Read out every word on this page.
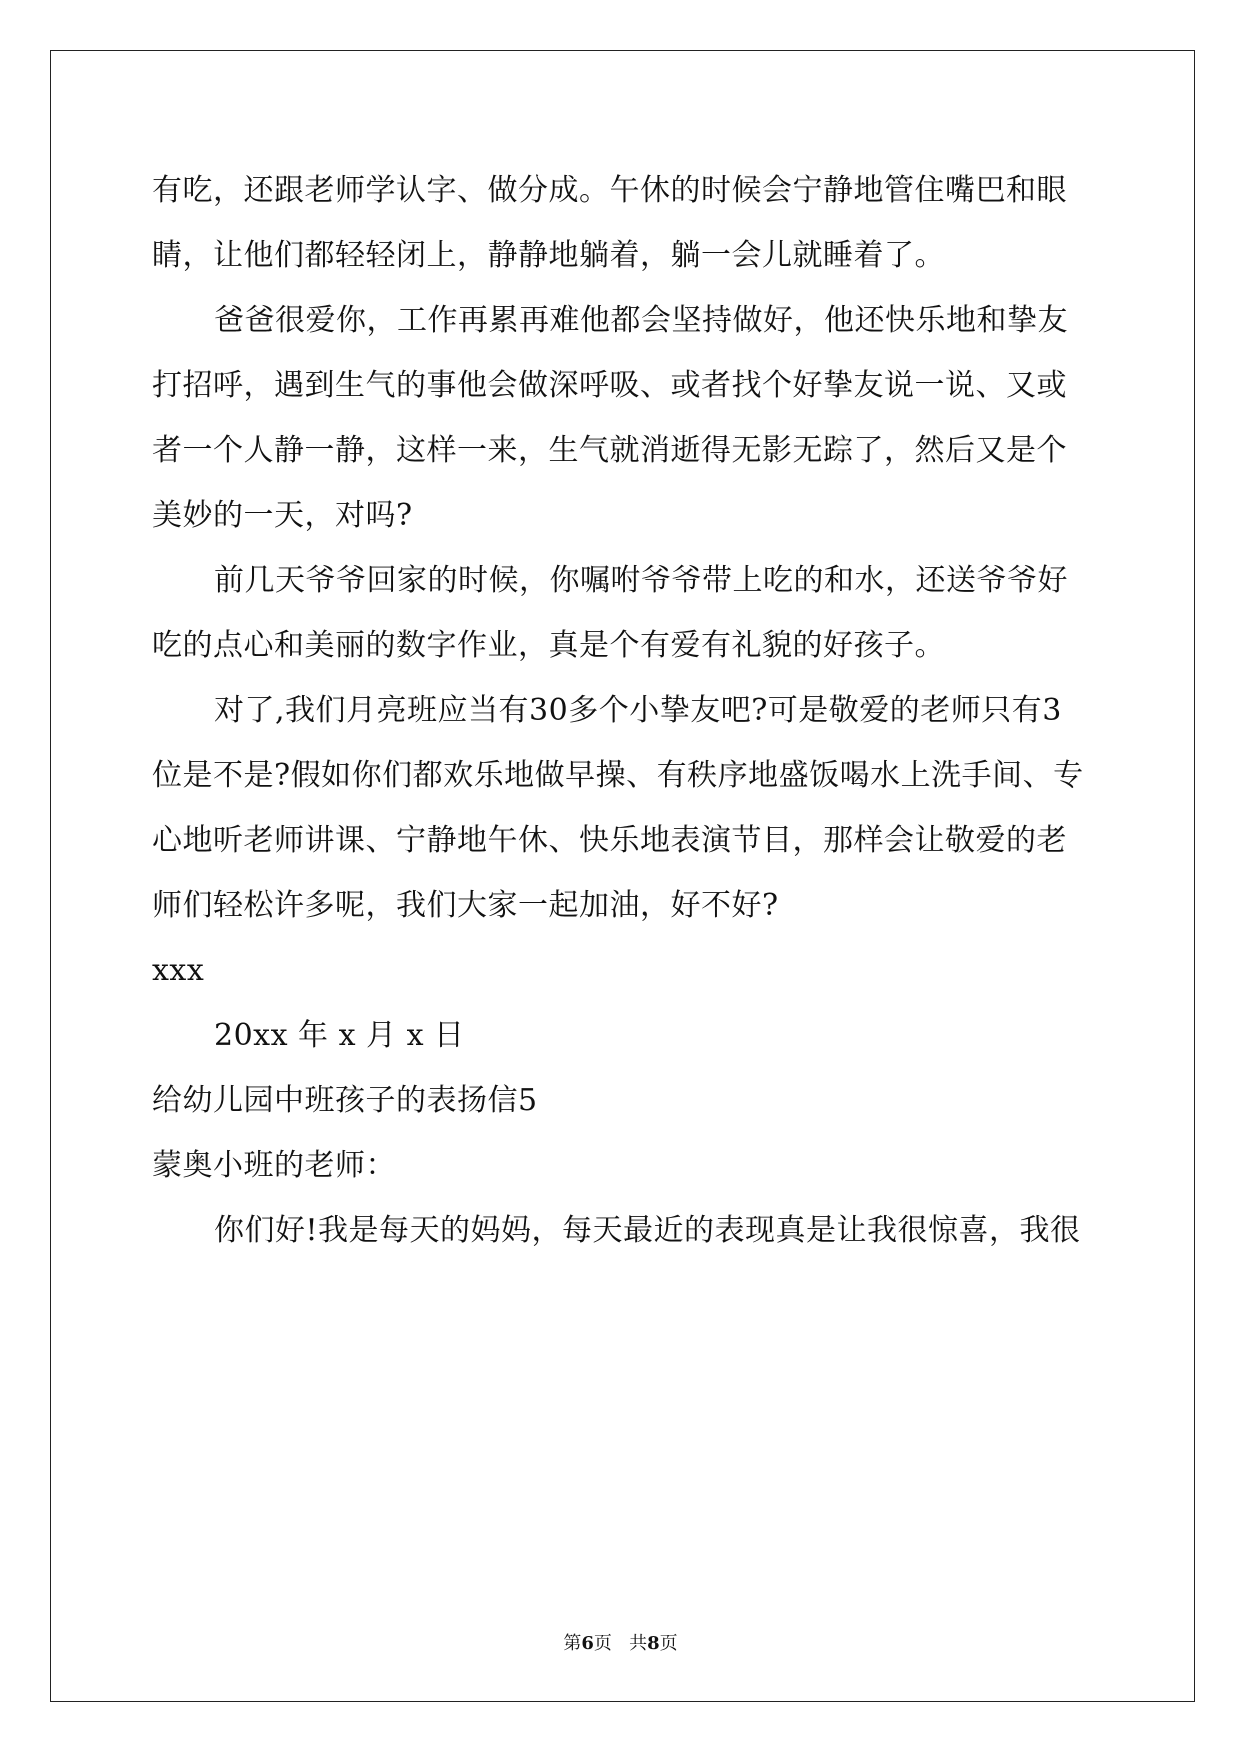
有吃，还跟老师学认字、做分成。午休的时候会宁静地管住嘴巴和眼
睛，让他们都轻轻闭上，静静地躺着，躺一会儿就睡着了。
爸爸很爱你，工作再累再难他都会坚持做好，他还快乐地和挚友
打招呼，遇到生气的事他会做深呼吸、或者找个好挚友说一说、又或
者一个人静一静，这样一来，生气就消逝得无影无踪了，然后又是个
美妙的一天，对吗?
前几天爷爷回家的时候，你嘱咐爷爷带上吃的和水，还送爷爷好
吃的点心和美丽的数字作业，真是个有爱有礼貌的好孩子。
对了,我们月亮班应当有30多个小挚友吧?可是敬爱的老师只有3
位是不是?假如你们都欢乐地做早操、有秩序地盛饭喝水上洗手间、专
心地听老师讲课、宁静地午休、快乐地表演节目，那样会让敬爱的老
师们轻松许多呢，我们大家一起加油，好不好?
xxx
20xx 年 x 月 x 日
给幼儿园中班孩子的表扬信5
蒙奥小班的老师：
你们好!我是每天的妈妈，每天最近的表现真是让我很惊喜，我很
第6页   共8页
